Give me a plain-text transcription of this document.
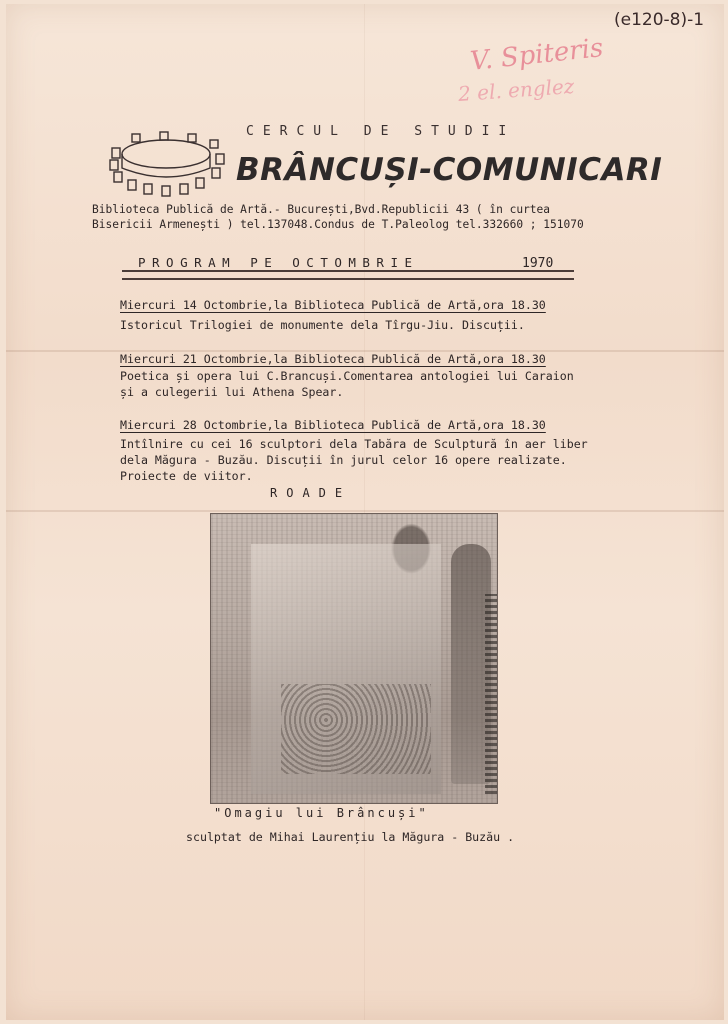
(e120-8)-1
V. Spiteris
2 el. englez
CERCUL DE STUDII
BRÂNCUȘI-COMUNICARI
Biblioteca Publică de Artă.- București,Bvd.Republicii 43 ( în curtea
Bisericii Armenești ) tel.137048.Condus de T.Paleolog tel.332660 ; 151070
PROGRAM PE OCTOMBRIE	1970
Miercuri 14 Octombrie,la Biblioteca Publică de Artă,ora 18.30
Istoricul Trilogiei de monumente dela Tîrgu-Jiu. Discuții.
Miercuri 21 Octombrie,la Biblioteca Publică de Artă,ora 18.30
Poetica și opera lui C.Brancuși.Comentarea antologiei lui Caraion
și a culegerii lui Athena Spear.
Miercuri 28 Octombrie,la Biblioteca Publică de Artă,ora 18.30
Intîlnire cu cei 16 sculptori dela Tabăra de Sculptură în aer liber
dela Măgura - Buzău. Discuții în jurul celor 16 opere realizate.
Proiecte de viitor.
ROADE
"Omagiu lui Brâncuși"
sculptat de Mihai Laurențiu la Măgura - Buzău .
